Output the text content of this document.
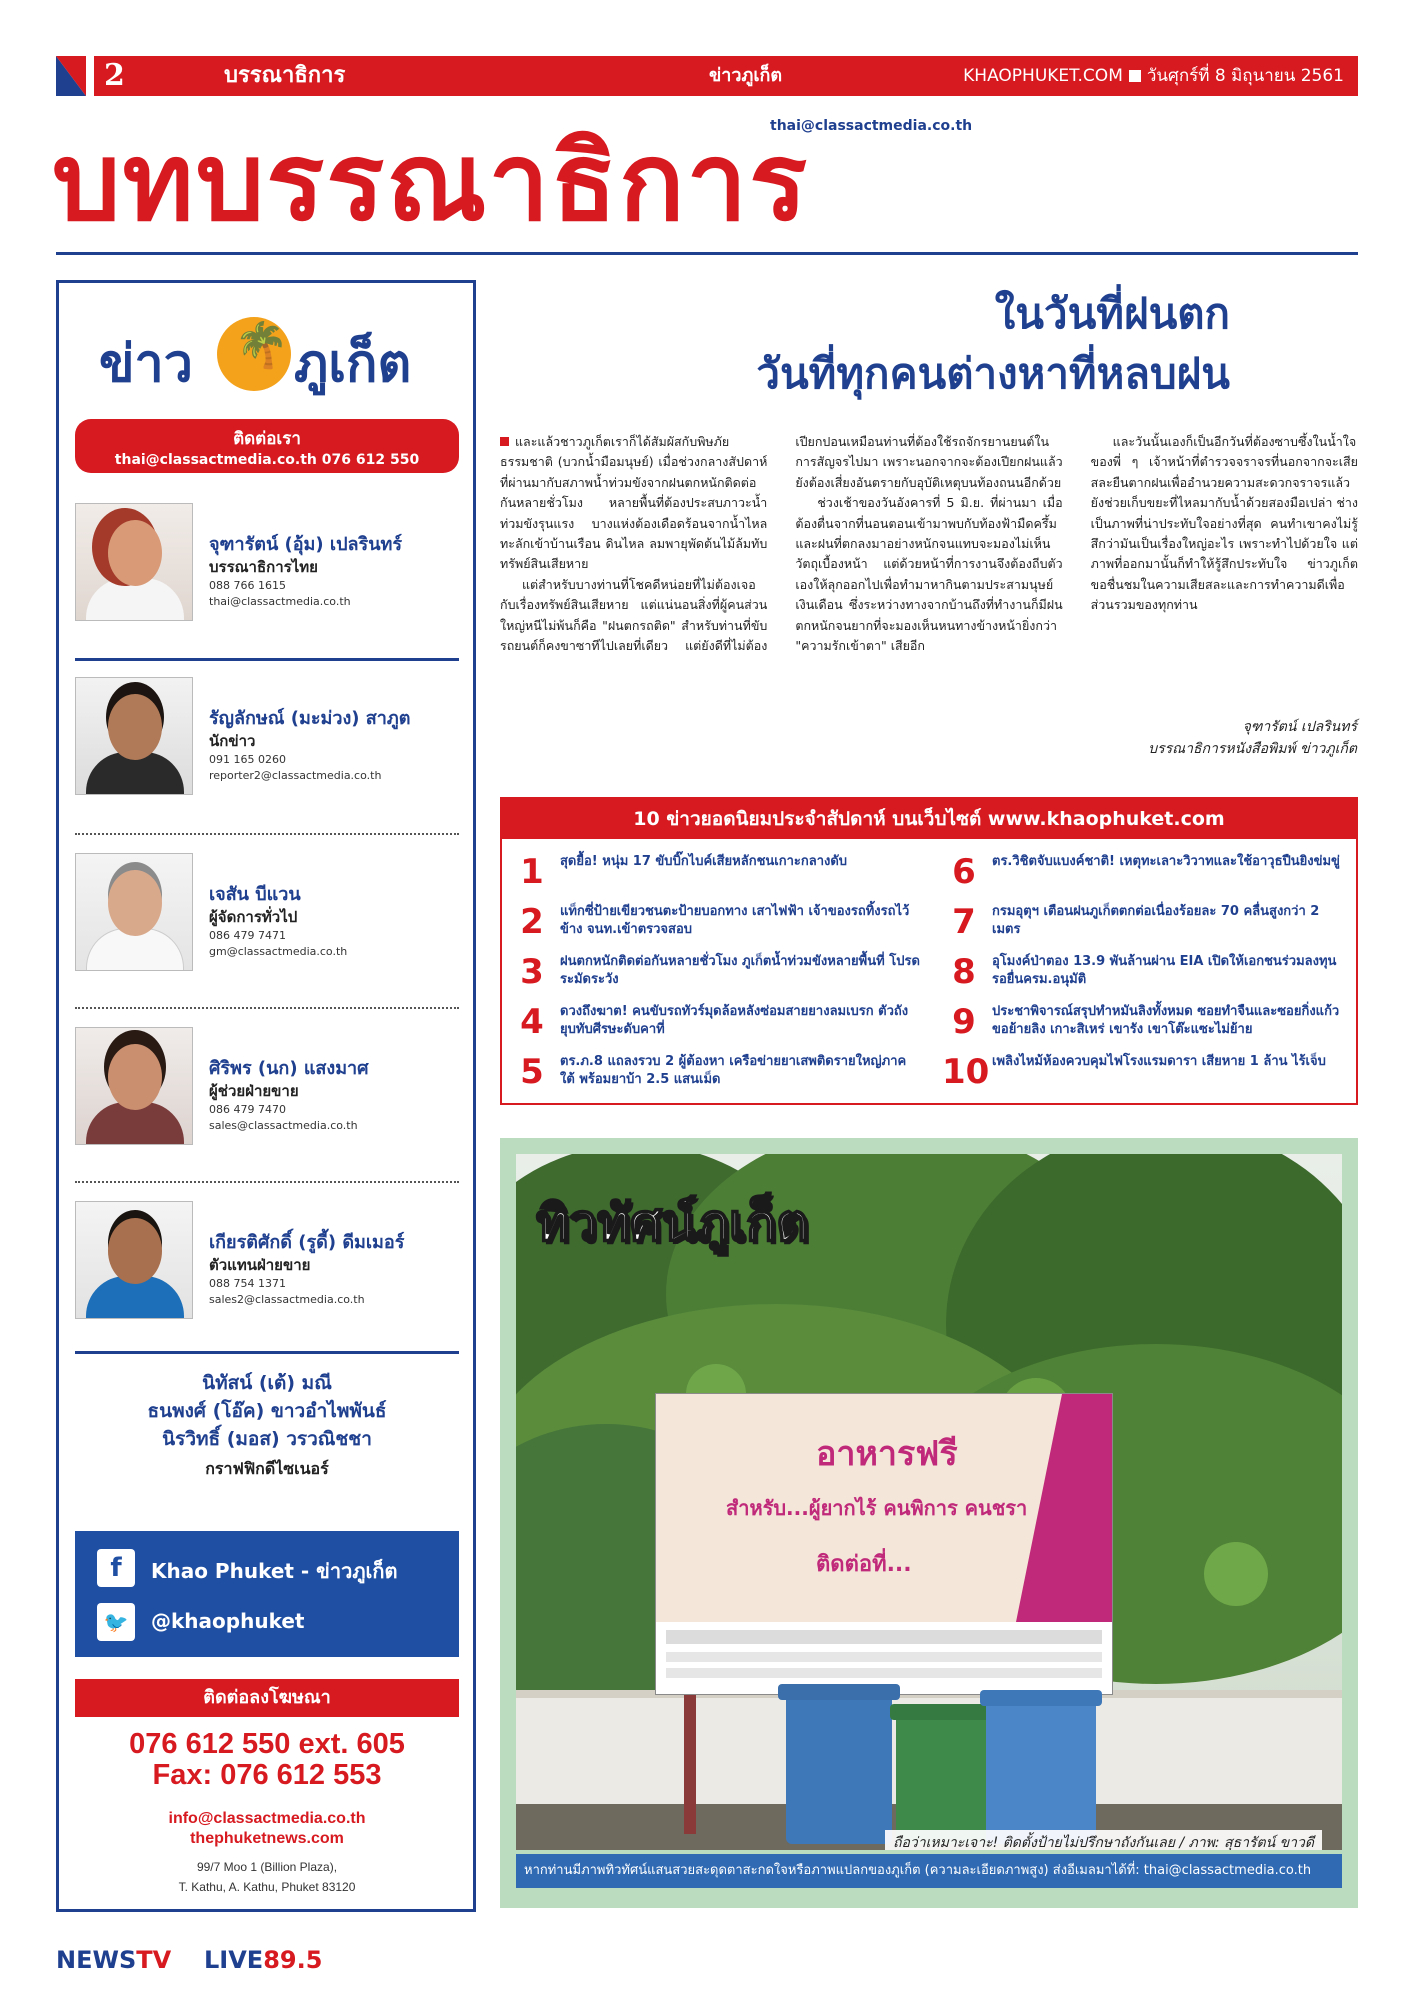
2	บรรณาธิการ	ข่าวภูเก็ต	KHAOPHUKET.COM วันศุกร์ที่ 8 มิถุนายน 2561
thai@classactmedia.co.th
บทบรรณาธิการ
ข่าว 🌴 ภูเก็ต
ติดต่อเรา
thai@classactmedia.co.th 076 612 550
จุฑารัตน์ (อุ้ม) เปลรินทร์
บรรณาธิการไทย
088 766 1615
thai@classactmedia.co.th
รัญลักษณ์ (มะม่วง) สาภูต
นักข่าว
091 165 0260
reporter2@classactmedia.co.th
เจสัน บีแวน
ผู้จัดการทั่วไป
086 479 7471
gm@classactmedia.co.th
ศิริพร (นก) แสงมาศ
ผู้ช่วยฝ่ายขาย
086 479 7470
sales@classactmedia.co.th
เกียรติศักดิ์ (รูดี้) ดีมเมอร์
ตัวแทนฝ่ายขาย
088 754 1371
sales2@classactmedia.co.th
นิทัสน์ (เต้) มณี
ธนพงศ์ (โอ๊ค) ขาวอำไพพันธ์
นิรวิทธิ์ (มอส) วรวณิชชา
กราฟฟิกดีไซเนอร์
f	Khao Phuket - ข่าวภูเก็ต
🐦	@khaophuket
ติดต่อลงโฆษณา
076 612 550 ext. 605
Fax: 076 612 553
info@classactmedia.co.th
thephuketnews.com
99/7 Moo 1 (Billion Plaza),
T. Kathu, A. Kathu, Phuket 83120
ในวันที่ฝนตก
วันที่ทุกคนต่างหาที่หลบฝน

และแล้วชาวภูเก็ตเราก็ได้สัมผัสกับพิษภัยธรรมชาติ (บวกน้ำมือมนุษย์) เมื่อช่วงกลางสัปดาห์ที่ผ่านมากับสภาพน้ำท่วมขังจากฝนตกหนักติดต่อกันหลายชั่วโมง หลายพื้นที่ต้องประสบภาวะน้ำท่วมขังรุนแรง บางแห่งต้องเดือดร้อนจากน้ำไหลทะลักเข้าบ้านเรือน ดินไหล ลมพายุพัดต้นไม้ล้มทับทรัพย์สินเสียหาย

แต่สำหรับบางท่านที่โชคดีหน่อยที่ไม่ต้องเจอกับเรื่องทรัพย์สินเสียหาย แต่แน่นอนสิ่งที่ผู้คนส่วนใหญ่หนีไม่พ้นก็คือ "ฝนตกรถติด" สำหรับท่านที่ขับรถยนต์ก็คงขาซาทีไปเลยที่เดียว แต่ยังดีที่ไม่ต้องเปียกปอนเหมือนท่านที่ต้องใช้รถจักรยานยนต์ในการสัญจรไปมา เพราะนอกจากจะต้องเปียกฝนแล้วยังต้องเสี่ยงอันตรายกับอุบัติเหตุบนท้องถนนอีกด้วย

ช่วงเช้าของวันอังคารที่ 5 มิ.ย. ที่ผ่านมา เมื่อต้องตื่นจากที่นอนตอนเข้ามาพบกับท้องฟ้ามืดครึ้มและฝนที่ตกลงมาอย่างหนักจนแทบจะมองไม่เห็นวัตถุเบื้องหน้า แต่ด้วยหน้าที่การงานจึงต้องถีบตัวเองให้ลุกออกไปเพื่อทำมาหากินตามประสามนุษย์เงินเดือน ซึ่งระหว่างทางจากบ้านถึงที่ทำงานก็มีฝนตกหนักจนยากที่จะมองเห็นหนทางข้างหน้ายิ่งกว่า "ความรักเข้าตา" เสียอีก

และวันนั้นเองก็เป็นอีกวันที่ต้องซาบซึ้งในน้ำใจของพี่ ๆ เจ้าหน้าที่ตำรวจจราจรที่นอกจากจะเสียสละยืนตากฝนเพื่ออำนวยความสะดวกจราจรแล้วยังช่วยเก็บขยะที่ไหลมากับน้ำด้วยสองมือเปล่า ช่างเป็นภาพที่น่าประทับใจอย่างที่สุด คนทำเขาคงไม่รู้สึกว่ามันเป็นเรื่องใหญ่อะไร เพราะทำไปด้วยใจ แต่ภาพที่ออกมานั้นก็ทำให้รู้สึกประทับใจ ข่าวภูเก็ต ขอชื่นชมในความเสียสละและการทำความดีเพื่อส่วนรวมของทุกท่าน

จุฑารัตน์ เปลรินทร์
บรรณาธิการหนังสือพิมพ์ ข่าวภูเก็ต
10 ข่าวยอดนิยมประจำสัปดาห์ บนเว็บไซต์ www.khaophuket.com
1	สุดยื้อ! หนุ่ม 17 ขับบิ๊กไบค์เสียหลักชนเกาะกลางดับ
2	แท็กซี่ป้ายเขียวชนตะป้ายบอกทาง เสาไฟฟ้า เจ้าของรถทิ้งรถไว้ข้าง จนท.เข้าตรวจสอบ
3	ฝนตกหนักติดต่อกันหลายชั่วโมง ภูเก็ตน้ำท่วมขังหลายพื้นที่ โปรดระมัดระวัง
4	ดวงถึงฆาต! คนขับรถทัวร์มุดล้อหลังซ่อมสายยางลมเบรก ตัวถังยุบทับศีรษะดับคาที่
5	ตร.ภ.8 แถลงรวบ 2 ผู้ต้องหา เครือข่ายยาเสพติดรายใหญ่ภาคใต้ พร้อมยาบ้า 2.5 แสนเม็ด
6	ตร.วิชิตจับแบงค์ชาติ! เหตุทะเลาะวิวาทและใช้อาวุธปืนยิงข่มขู่
7	กรมอุตุฯ เตือนฝนภูเก็ตตกต่อเนื่องร้อยละ 70 คลื่นสูงกว่า 2 เมตร
8	อุโมงค์ป่าตอง 13.9 พันล้านผ่าน EIA เปิดให้เอกชนร่วมลงทุน รอยื่นครม.อนุมัติ
9	ประชาพิจารณ์สรุปทำหมันลิงทั้งหมด ซอยทำจืนและซอยกิ่งแก้วขอย้ายลิง เกาะสิเหร่ เขารัง เขาโต๊ะแซะไม่ย้าย
10 เพลิงไหม้ห้องควบคุมไฟโรงแรมดารา เสียหาย 1 ล้าน ไร้เจ็บ
ทิวทัศน์ภูเก็ต
อาหารฟรี
สำหรับ...ผู้ยากไร้ คนพิการ คนชรา
ติดต่อที่...
ถือว่าเหมาะเจาะ! ติดตั้งป้ายไม่ปรึกษาถังกันเลย / ภาพ: สุธารัตน์ ขาวดี
หากท่านมีภาพทิวทัศน์แสนสวยสะดุดตาสะกดใจหรือภาพแปลกของภูเก็ต (ความละเอียดภาพสูง) ส่งอีเมลมาได้ที่: thai@classactmedia.co.th
NEWSTV LIVE89.5
